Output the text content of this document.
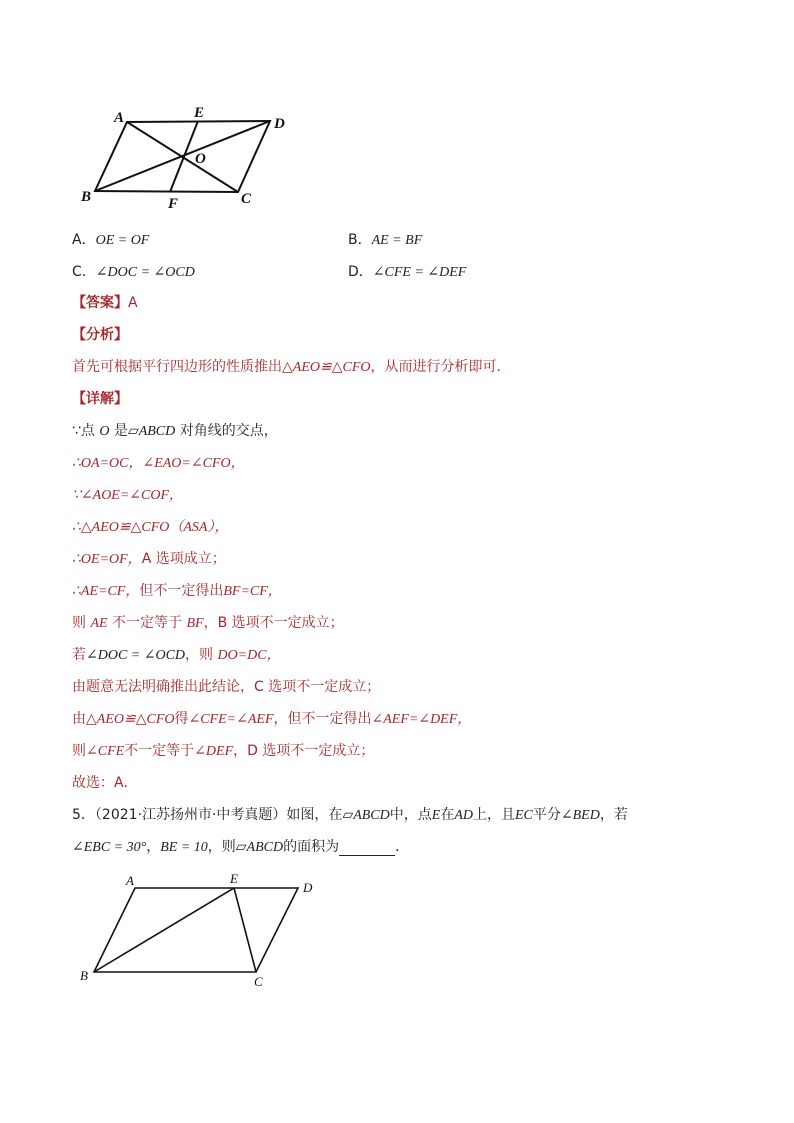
A	E
D
O
B	F	C
A．OE = OF	B．AE = BF
C．∠DOC = ∠OCD	D．∠CFE = ∠DEF
【答案】A
【分析】
首先可根据平行四边形的性质推出△AEO≌△CFO，从而进行分析即可．
【详解】
∵点 O 是▱ABCD 对角线的交点，
∴OA=OC，∠EAO=∠CFO，
∵∠AOE=∠COF，
∴△AEO≌△CFO（ASA），
∴OE=OF，A 选项成立；
∴AE=CF，但不一定得出BF=CF，
则 AE 不一定等于 BF，B 选项不一定成立；
若∠DOC = ∠OCD，则 DO=DC，
由题意无法明确推出此结论，C 选项不一定成立；
由△AEO≌△CFO得∠CFE=∠AEF，但不一定得出∠AEF=∠DEF，
则∠CFE不一定等于∠DEF，D 选项不一定成立；
故选：A．
5．（2021·江苏扬州市·中考真题）如图，在▱ABCD中，点E在AD上，且EC平分∠BED，若
∠EBC = 30°，BE = 10，则▱ABCD的面积为	．
A	E
D
B	C
